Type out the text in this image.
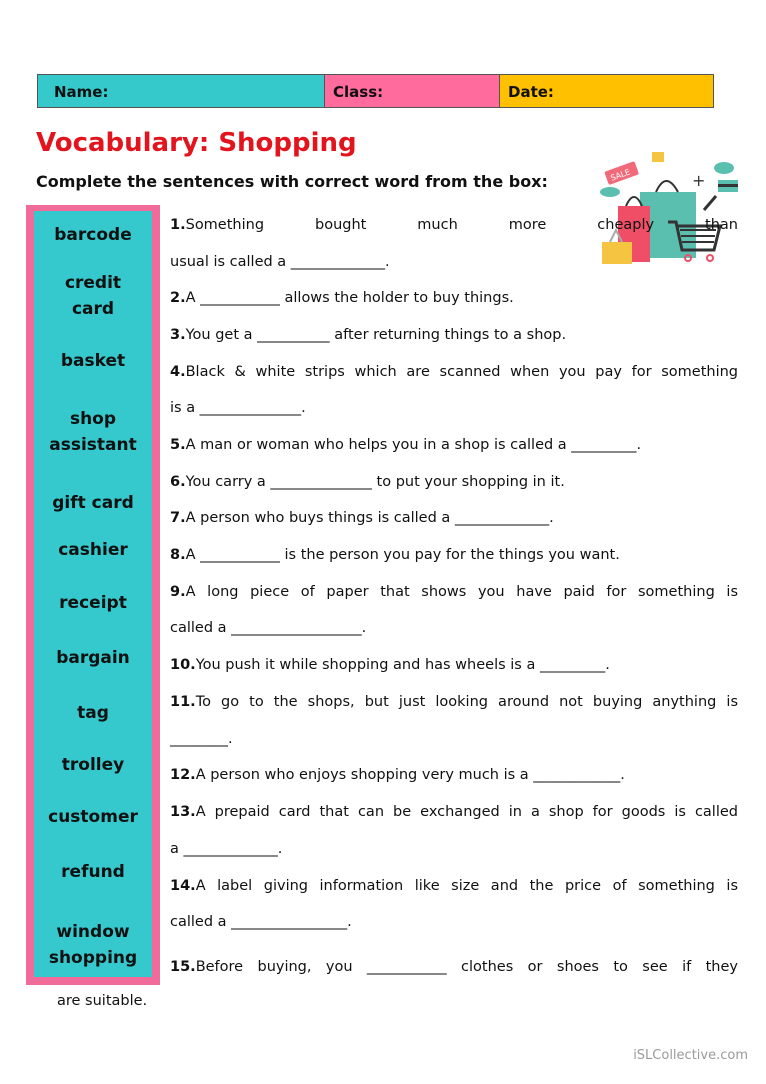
Name:	Class:	Date:
Vocabulary: Shopping
Complete the sentences with correct word from the box:	SALE	+
barcode
credit
card
basket
shop
assistant
gift card
cashier
receipt
bargain
tag
trolley
customer
refund
window
shopping
1.Something bought much more cheaply than
usual is called a _____________.
2.A ___________ allows the holder to buy things.
3.You get a __________ after returning things to a shop.
4.Black & white strips which are scanned when you pay for something
is a ______________.
5.A man or woman who helps you in a shop is called a _________.
6.You carry a ______________ to put your shopping in it.
7.A person who buys things is called a _____________.
8.A ___________ is the person you pay for the things you want.
9.A long piece of paper that shows you have paid for something is
called a __________________.
10.You push it while shopping and has wheels is a _________.
11.To go to the shops, but just looking around not buying anything is
________.
12.A person who enjoys shopping very much is a ____________.
13.A prepaid card that can be exchanged in a shop for goods is called
a _____________.
14.A label giving information like size and the price of something is
called a ________________.
15.Before buying, you ___________ clothes or shoes to see if they
are suitable.
iSLCollective.com
